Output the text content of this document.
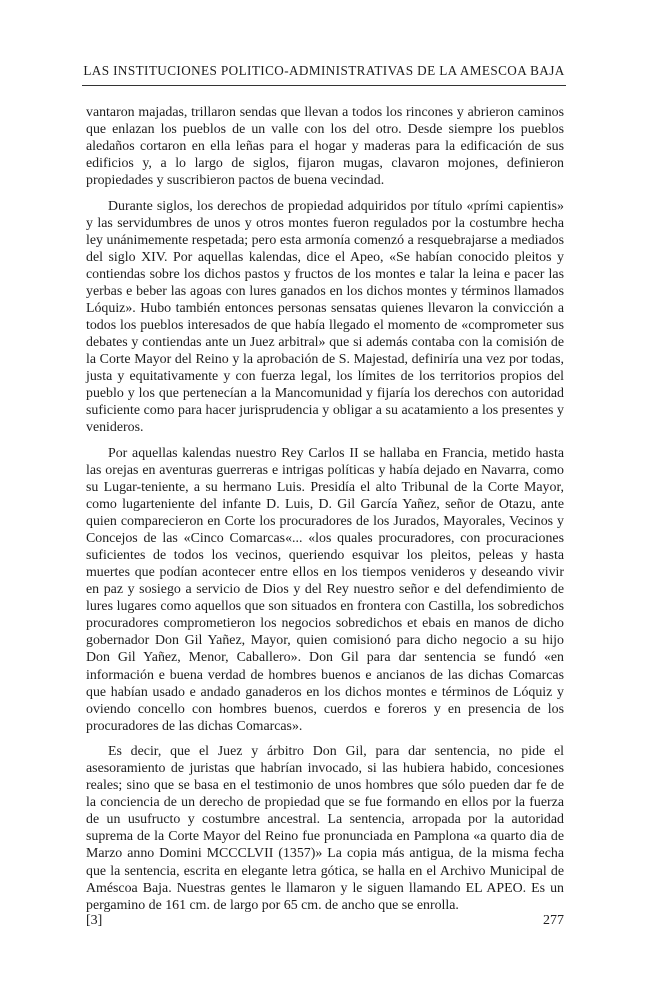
LAS INSTITUCIONES POLITICO-ADMINISTRATIVAS DE LA AMESCOA BAJA

vantaron majadas, trillaron sendas que llevan a todos los rincones y abrieron caminos que enlazan los pueblos de un valle con los del otro. Desde siempre los pueblos aledaños cortaron en ella leñas para el hogar y maderas para la edificación de sus edificios y, a lo largo de siglos, fijaron mugas, clavaron mojones, definieron propiedades y suscribieron pactos de buena vecindad.

Durante siglos, los derechos de propiedad adquiridos por título «prími capientis» y las servidumbres de unos y otros montes fueron regulados por la costumbre hecha ley unánimemente respetada; pero esta armonía comenzó a resquebrajarse a mediados del siglo XIV. Por aquellas kalendas, dice el Apeo, «Se habían conocido pleitos y contiendas sobre los dichos pastos y fructos de los montes e talar la leina e pacer las yerbas e beber las agoas con lures ganados en los dichos montes y términos llamados Lóquiz». Hubo también entonces personas sensatas quienes llevaron la convicción a todos los pueblos interesados de que había llegado el momento de «comprometer sus debates y contiendas ante un Juez arbitral» que si además contaba con la comisión de la Corte Mayor del Reino y la aprobación de S. Majestad, definiría una vez por todas, justa y equitativamente y con fuerza legal, los límites de los territorios propios del pueblo y los que pertenecían a la Mancomunidad y fijaría los derechos con autoridad suficiente como para hacer jurisprudencia y obligar a su acatamiento a los presentes y venideros.

Por aquellas kalendas nuestro Rey Carlos II se hallaba en Francia, metido hasta las orejas en aventuras guerreras e intrigas políticas y había dejado en Navarra, como su Lugar-teniente, a su hermano Luis. Presidía el alto Tribunal de la Corte Mayor, como lugarteniente del infante D. Luis, D. Gil García Yañez, señor de Otazu, ante quien comparecieron en Corte los procuradores de los Jurados, Mayorales, Vecinos y Concejos de las «Cinco Comarcas«... «los quales procuradores, con procuraciones suficientes de todos los vecinos, queriendo esquivar los pleitos, peleas y hasta muertes que podían acontecer entre ellos en los tiempos venideros y deseando vivir en paz y sosiego a servicio de Dios y del Rey nuestro señor e del defendimiento de lures lugares como aquellos que son situados en frontera con Castilla, los sobredichos procuradores comprometieron los negocios sobredichos et ebais en manos de dicho gobernador Don Gil Yañez, Mayor, quien comisionó para dicho negocio a su hijo Don Gil Yañez, Menor, Caballero». Don Gil para dar sentencia se fundó «en información e buena verdad de hombres buenos e ancianos de las dichas Comarcas que habían usado e andado ganaderos en los dichos montes e términos de Lóquiz y oviendo concello con hombres buenos, cuerdos e foreros y en presencia de los procuradores de las dichas Comarcas».

Es decir, que el Juez y árbitro Don Gil, para dar sentencia, no pide el asesoramiento de juristas que habrían invocado, si las hubiera habido, concesiones reales; sino que se basa en el testimonio de unos hombres que sólo pueden dar fe de la conciencia de un derecho de propiedad que se fue formando en ellos por la fuerza de un usufructo y costumbre ancestral. La sentencia, arropada por la autoridad suprema de la Corte Mayor del Reino fue pronunciada en Pamplona «a quarto dia de Marzo anno Domini MCCCLVII (1357)» La copia más antigua, de la misma fecha que la sentencia, escrita en elegante letra gótica, se halla en el Archivo Municipal de Améscoa Baja. Nuestras gentes le llamaron y le siguen llamando EL APEO. Es un pergamino de 161 cm. de largo por 65 cm. de ancho que se enrolla.

[3]	277
